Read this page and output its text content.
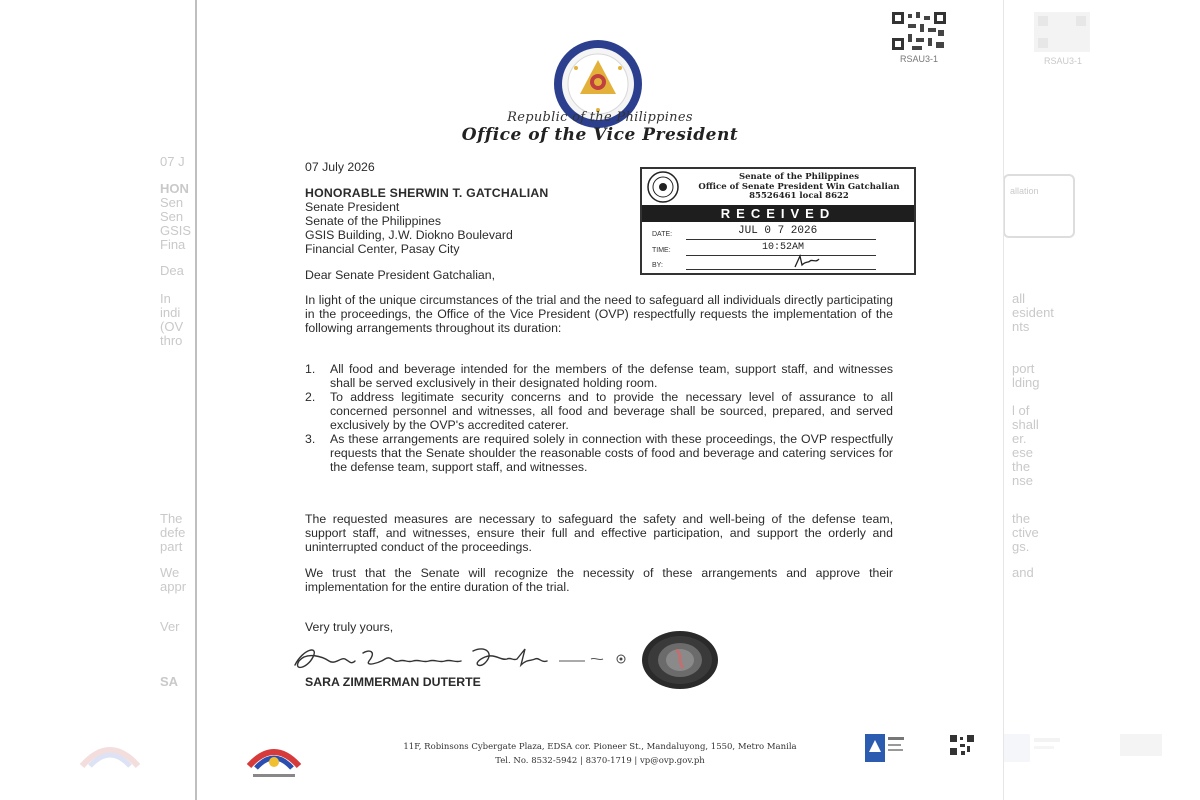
07 J
HON
Sen
Sen
GSIS
Fina
Dea
In
indi
(OV
thro
The
defe
part
We
appr
Ver
SA
allation
all
esident
nts
port
lding
l of
shall
er.
ese
the
nse
the
ctive
gs.
and
RSAU3-1
Republic of the Philippines
Office of the Vice President
RSAU3-1
07 July 2026
HONORABLE SHERWIN T. GATCHALIAN
Senate President
Senate of the Philippines
GSIS Building, J.W. Diokno Boulevard
Financial Center, Pasay City
Dear Senate President Gatchalian,
In light of the unique circumstances of the trial and the need to safeguard all individuals directly participating in the proceedings, the Office of the Vice President (OVP) respectfully requests the implementation of the following arrangements throughout its duration:
1. All food and beverage intended for the members of the defense team, support staff, and witnesses shall be served exclusively in their designated holding room.
2. To address legitimate security concerns and to provide the necessary level of assurance to all concerned personnel and witnesses, all food and beverage shall be sourced, prepared, and served exclusively by the OVP's accredited caterer.
3. As these arrangements are required solely in connection with these proceedings, the OVP respectfully requests that the Senate shoulder the reasonable costs of food and beverage and catering services for the defense team, support staff, and witnesses.
The requested measures are necessary to safeguard the safety and well-being of the defense team, support staff, and witnesses, ensure their full and effective participation, and support the orderly and uninterrupted conduct of the proceedings.
We trust that the Senate will recognize the necessity of these arrangements and approve their implementation for the entire duration of the trial.
Very truly yours,
SARA ZIMMERMAN DUTERTE
Senate of the Philippines
Office of Senate President Win Gatchalian
85526461 local 8622
RECEIVED
DATE:	JUL 0 7 2026
TIME:	10:52AM
BY:
11F, Robinsons Cybergate Plaza, EDSA cor. Pioneer St., Mandaluyong, 1550, Metro Manila
Tel. No. 8532-5942 | 8370-1719 | vp@ovp.gov.ph
